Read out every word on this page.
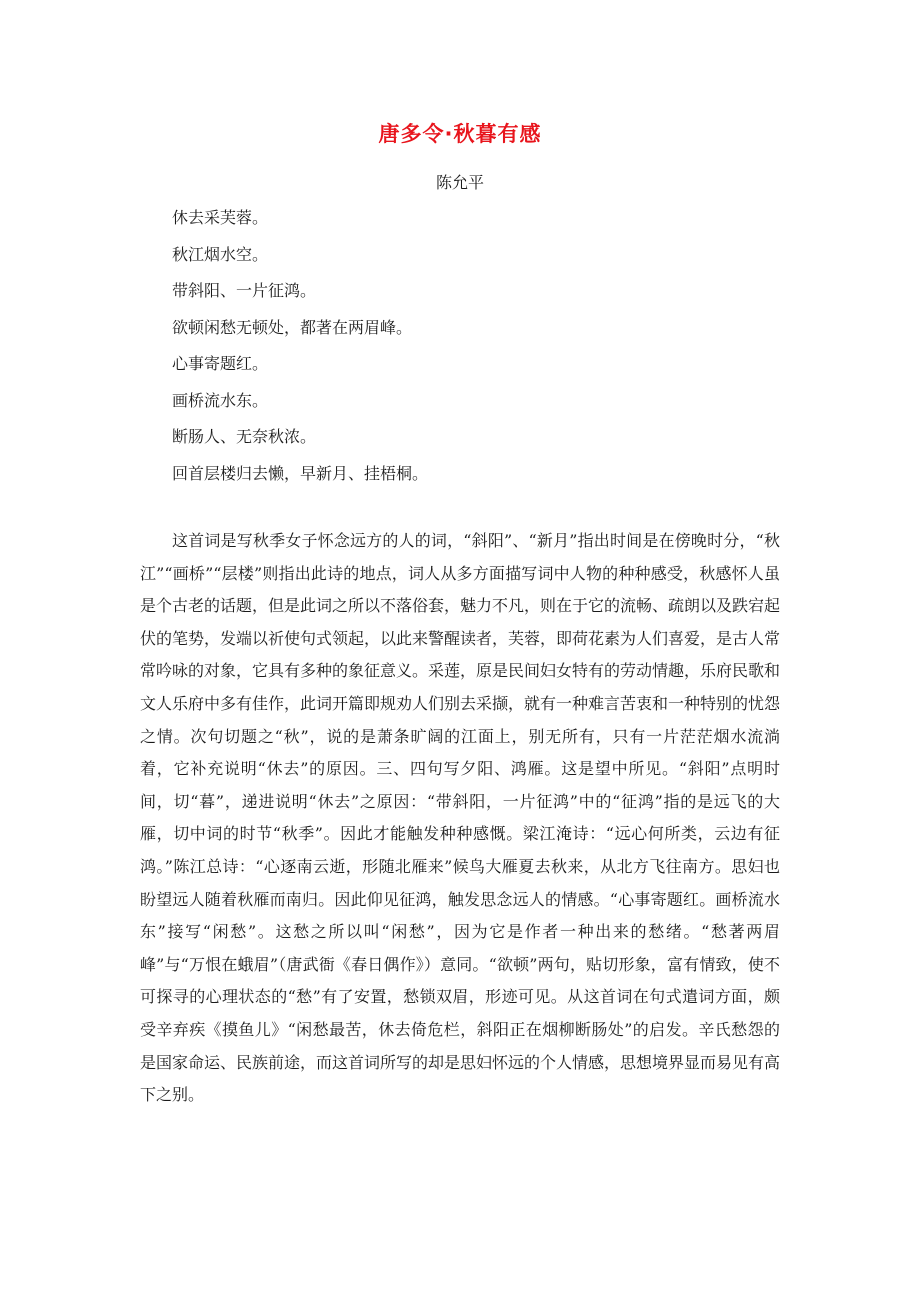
唐多令·秋暮有感
陈允平
休去采芙蓉。
秋江烟水空。
带斜阳、一片征鸿。
欲顿闲愁无顿处，都著在两眉峰。
心事寄题红。
画桥流水东。
断肠人、无奈秋浓。
回首层楼归去懒，早新月、挂梧桐。

这首词是写秋季女子怀念远方的人的词，“斜阳”、“新月”指出时间是在傍晚时分，“秋江”“画桥”“层楼”则指出此诗的地点，词人从多方面描写词中人物的种种感受，秋感怀人虽是个古老的话题，但是此词之所以不落俗套，魅力不凡，则在于它的流畅、疏朗以及跌宕起伏的笔势，发端以祈使句式领起，以此来警醒读者，芙蓉，即荷花素为人们喜爱，是古人常常吟咏的对象，它具有多种的象征意义。采莲，原是民间妇女特有的劳动情趣，乐府民歌和文人乐府中多有佳作，此词开篇即规劝人们别去采撷，就有一种难言苦衷和一种特别的忧怨之情。次句切题之“秋”，说的是萧条旷阔的江面上，别无所有，只有一片茫茫烟水流淌着，它补充说明“休去”的原因。三、四句写夕阳、鸿雁。这是望中所见。“斜阳”点明时间，切“暮”，递进说明“休去”之原因：“带斜阳，一片征鸿”中的“征鸿”指的是远飞的大雁，切中词的时节“秋季”。因此才能触发种种感慨。梁江淹诗：“远心何所类，云边有征鸿。”陈江总诗：“心逐南云逝，形随北雁来”候鸟大雁夏去秋来，从北方飞往南方。思妇也盼望远人随着秋雁而南归。因此仰见征鸿，触发思念远人的情感。“心事寄题红。画桥流水东”接写“闲愁”。这愁之所以叫“闲愁”，因为它是作者一种出来的愁绪。“愁著两眉峰”与“万恨在蛾眉”（唐武衙《春日偶作》）意同。“欲顿”两句，贴切形象，富有情致，使不可探寻的心理状态的“愁”有了安置，愁锁双眉，形迹可见。从这首词在句式遣词方面，颇受辛弃疾《摸鱼儿》“闲愁最苦，休去倚危栏，斜阳正在烟柳断肠处”的启发。辛氏愁怨的是国家命运、民族前途，而这首词所写的却是思妇怀远的个人情感，思想境界显而易见有高下之别。
